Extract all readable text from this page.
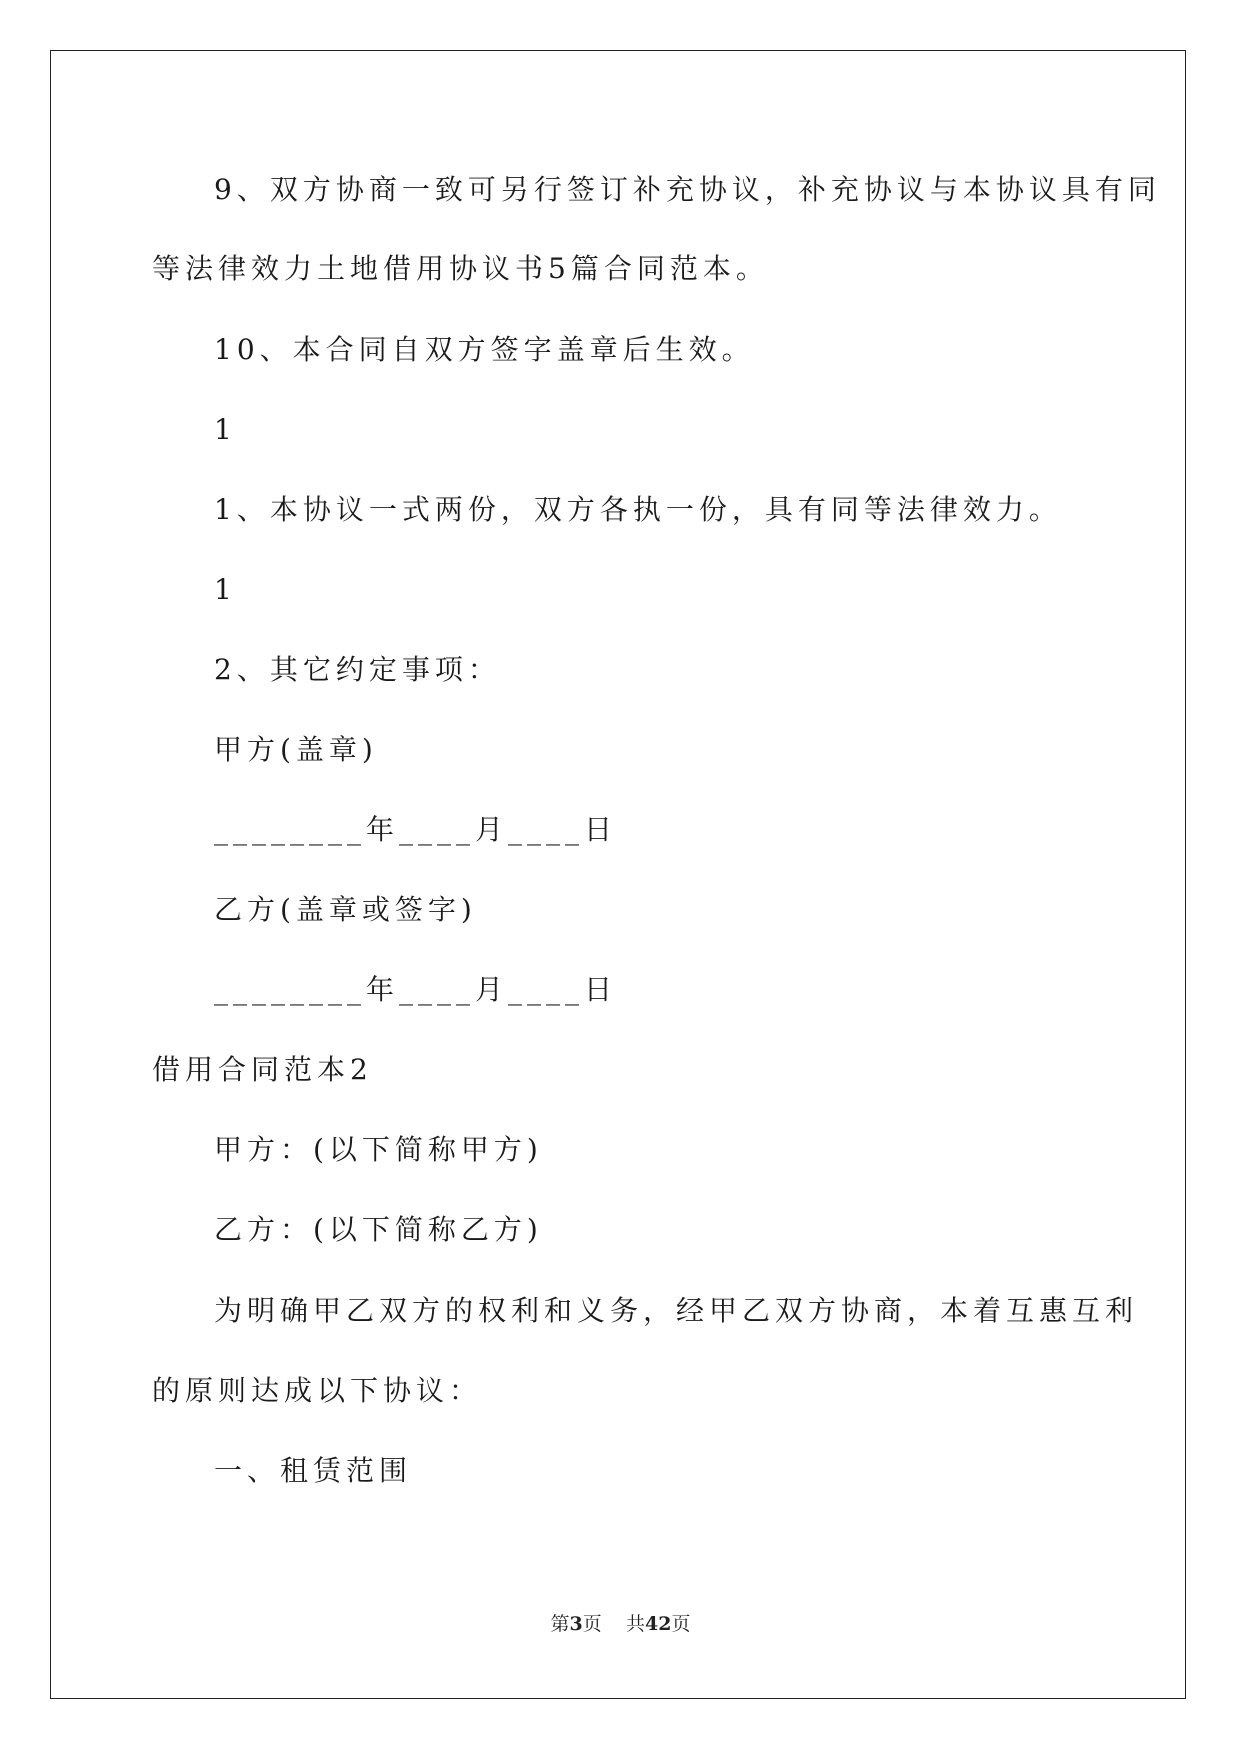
9、双方协商一致可另行签订补充协议，补充协议与本协议具有同
等法律效力土地借用协议书5篇合同范本。
10、本合同自双方签字盖章后生效。
1
1、本协议一式两份，双方各执一份，具有同等法律效力。
1
2、其它约定事项：
甲方(盖章)
________年____月____日
乙方(盖章或签字)
________年____月____日
借用合同范本2
甲方：(以下简称甲方)
乙方：(以下简称乙方)
为明确甲乙双方的权利和义务，经甲乙双方协商，本着互惠互利
的原则达成以下协议：
一、租赁范围
第3页 共42页
